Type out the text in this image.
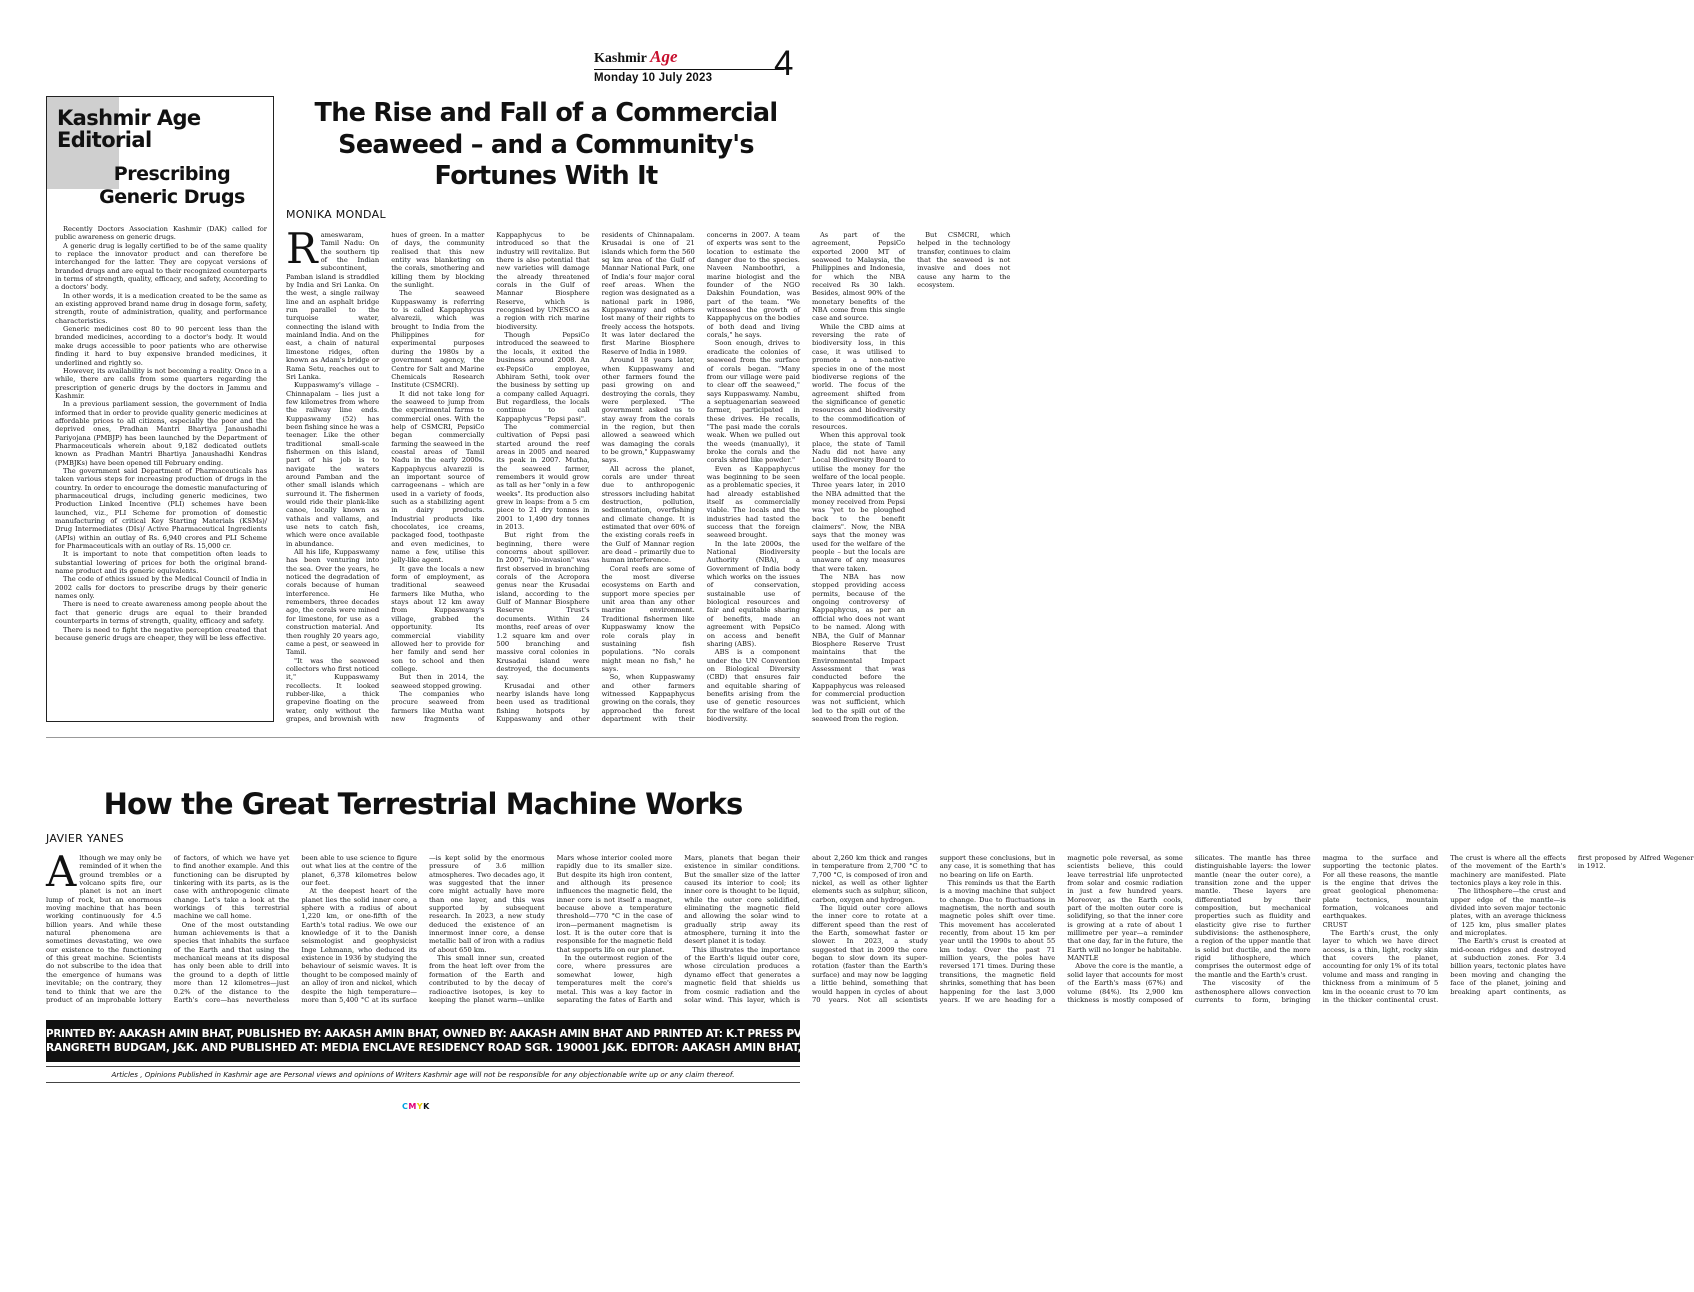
Kashmir Age
Monday 10 July 2023	4
Kashmir Age Editorial
Prescribing Generic Drugs

Recently Doctors Association Kashmir (DAK) called for public awareness on generic drugs.

A generic drug is legally certified to be of the same quality to replace the innovator product and can therefore be interchanged for the latter. They are copycat versions of branded drugs and are equal to their recognized counterparts in terms of strength, quality, efficacy, and safety, According to a doctors' body.

In other words, it is a medication created to be the same as an existing approved brand name drug in dosage form, safety, strength, route of administration, quality, and performance characteristics.

Generic medicines cost 80 to 90 percent less than the branded medicines, according to a doctor's body. It would make drugs accessible to poor patients who are otherwise finding it hard to buy expensive branded medicines, it underlined and rightly so.

However, its availability is not becoming a reality. Once in a while, there are calls from some quarters regarding the prescription of generic drugs by the doctors in Jammu and Kashmir.

In a previous parliament session, the government of India informed that in order to provide quality generic medicines at affordable prices to all citizens, especially the poor and the deprived ones, Pradhan Mantri Bhartiya Janaushadhi Pariyojana (PMBJP) has been launched by the Department of Pharmaceuticals wherein about 9,182 dedicated outlets known as Pradhan Mantri Bhartiya Janaushadhi Kendras (PMBJKs) have been opened till February ending.

The government said Department of Pharmaceuticals has taken various steps for increasing production of drugs in the country. In order to encourage the domestic manufacturing of pharmaceutical drugs, including generic medicines, two Production Linked Incentive (PLI) schemes have been launched, viz., PLI Scheme for promotion of domestic manufacturing of critical Key Starting Materials (KSMs)/ Drug Intermediates (DIs)/ Active Pharmaceutical Ingredients (APIs) within an outlay of Rs. 6,940 crores and PLI Scheme for Pharmaceuticals with an outlay of Rs. 15,000 cr.

It is important to note that competition often leads to substantial lowering of prices for both the original brand-name product and its generic equivalents.

The code of ethics issued by the Medical Council of India in 2002 calls for doctors to prescribe drugs by their generic names only.

There is need to create awareness among people about the fact that generic drugs are equal to their branded counterparts in terms of strength, quality, efficacy and safety.

There is need to fight the negative perception created that because generic drugs are cheaper, they will be less effective.

The Rise and Fall of a Commercial Seaweed – and a Community's Fortunes With It
MONIKA MONDAL

Rameswaram, Tamil Nadu: On the southern tip of the Indian subcontinent, Pamban island is straddled by India and Sri Lanka. On the west, a single railway line and an asphalt bridge run parallel to the turquoise water, connecting the island with mainland India. And on the east, a chain of natural limestone ridges, often known as Adam's bridge or Rama Setu, reaches out to Sri Lanka.

Kuppaswamy's village – Chinnapalam – lies just a few kilometres from where the railway line ends. Kuppaswamy (52) has been fishing since he was a teenager. Like the other traditional small-scale fishermen on this island, part of his job is to navigate the waters around Pamban and the other small islands which surround it. The fishermen would ride their plank-like canoe, locally known as vathais and vallams, and use nets to catch fish, which were once available in abundance.

All his life, Kuppaswamy has been venturing into the sea. Over the years, he noticed the degradation of corals because of human interference. He remembers, three decades ago, the corals were mined for limestone, for use as a construction material. And then roughly 20 years ago, came a pest, or seaweed in Tamil.

"It was the seaweed collectors who first noticed it," Kuppaswamy recollects. It looked rubber-like, a thick grapevine floating on the water, only without the grapes, and brownish with hues of green. In a matter of days, the community realised that this new entity was blanketing on the corals, smothering and killing them by blocking the sunlight.

The seaweed Kuppaswamy is referring to is called Kappaphycus alvarezii, which was brought to India from the Philippines for experimental purposes during the 1980s by a government agency, the Centre for Salt and Marine Chemicals Research Institute (CSMCRI).

It did not take long for the seaweed to jump from the experimental farms to commercial ones. With the help of CSMCRI, PepsiCo began commercially farming the seaweed in the coastal areas of Tamil Nadu in the early 2000s. Kappaphycus alvarezii is an important source of carrageenans – which are used in a variety of foods, such as a stabilizing agent in dairy products. Industrial products like chocolates, ice creams, packaged food, toothpaste and even medicines, to name a few, utilise this jelly-like agent.

It gave the locals a new form of employment, as traditional seaweed farmers like Mutha, who stays about 12 km away from Kuppaswamy's village, grabbed the opportunity. Its commercial viability allowed her to provide for her family and send her son to school and then college.

But then in 2014, the seaweed stopped growing.

The companies who procure seaweed from farmers like Mutha want new fragments of Kappaphycus to be introduced so that the industry will revitalize. But there is also potential that new varieties will damage the already threatened corals in the Gulf of Mannar Biosphere Reserve, which is recognised by UNESCO as a region with rich marine biodiversity.

Though PepsiCo introduced the seaweed to the locals, it exited the business around 2008. An ex-PepsiCo employee, Abhiram Sethi, took over the business by setting up a company called Aquagri. But regardless, the locals continue to call Kappaphycus "Pepsi pasi".

The commercial cultivation of Pepsi pasi started around the reef areas in 2005 and neared its peak in 2007. Mutha, the seaweed farmer, remembers it would grow as tall as her "only in a few weeks". Its production also grew in leaps: from a 5 cm piece to 21 dry tonnes in 2001 to 1,490 dry tonnes in 2013.

But right from the beginning, there were concerns about spillover. In 2007, "bio-invasion" was first observed in branching corals of the Acropora genus near the Krusadai island, according to the Gulf of Mannar Biosphere Reserve Trust's documents. Within 24 months, reef areas of over 1.2 square km and over 500 branching and massive coral colonies in Krusadai island were destroyed, the documents say.

Krusadai and other nearby islands have long been used as traditional fishing hotspots by Kuppaswamy and other residents of Chinnapalam. Krusadai is one of 21 islands which form the 560 sq km area of the Gulf of Mannar National Park, one of India's four major coral reef areas. When the region was designated as a national park in 1986, Kuppaswamy and others lost many of their rights to freely access the hotspots. It was later declared the first Marine Biosphere Reserve of India in 1989.

Around 18 years later, when Kuppaswamy and other farmers found the pasi growing on and destroying the corals, they were perplexed. "The government asked us to stay away from the corals in the region, but then allowed a seaweed which was damaging the corals to be grown," Kuppaswamy says.

All across the planet, corals are under threat due to anthropogenic stressors including habitat destruction, pollution, sedimentation, overfishing and climate change. It is estimated that over 60% of the existing corals reefs in the Gulf of Mannar region are dead – primarily due to human interference.

Coral reefs are some of the most diverse ecosystems on Earth and support more species per unit area than any other marine environment. Traditional fishermen like Kuppaswamy know the role corals play in sustaining fish populations. "No corals might mean no fish," he says.

So, when Kuppaswamy and other farmers witnessed Kappaphycus growing on the corals, they approached the forest department with their concerns in 2007. A team of experts was sent to the location to estimate the danger due to the species. Naveen Namboothri, a marine biologist and the founder of the NGO Dakshin Foundation, was part of the team. "We witnessed the growth of Kappaphycus on the bodies of both dead and living corals," he says.

Soon enough, drives to eradicate the colonies of seaweed from the surface of corals began. "Many from our village were paid to clear off the seaweed," says Kuppaswamy. Nambu, a septuagenarian seaweed farmer, participated in these drives. He recalls, "The pasi made the corals weak. When we pulled out the weeds (manually), it broke the corals and the corals shred like powder."

Even as Kappaphycus was beginning to be seen as a problematic species, it had already established itself as commercially viable. The locals and the industries had tasted the success that the foreign seaweed brought.

In the late 2000s, the National Biodiversity Authority (NBA), a Government of India body which works on the issues of conservation, sustainable use of biological resources and fair and equitable sharing of benefits, made an agreement with PepsiCo on access and benefit sharing (ABS).

ABS is a component under the UN Convention on Biological Diversity (CBD) that ensures fair and equitable sharing of benefits arising from the use of genetic resources for the welfare of the local biodiversity.

As part of the agreement, PepsiCo exported 2000 MT of seaweed to Malaysia, the Philippines and Indonesia, for which the NBA received Rs 30 lakh. Besides, almost 90% of the monetary benefits of the NBA come from this single case and source.

While the CBD aims at reversing the rate of biodiversity loss, in this case, it was utilised to promote a non-native species in one of the most biodiverse regions of the world. The focus of the agreement shifted from the significance of genetic resources and biodiversity to the commodification of resources.

When this approval took place, the state of Tamil Nadu did not have any Local Biodiversity Board to utilise the money for the welfare of the local people. Three years later, in 2010 the NBA admitted that the money received from Pepsi was "yet to be ploughed back to the benefit claimers". Now, the NBA says that the money was used for the welfare of the people – but the locals are unaware of any measures that were taken.

The NBA has now stopped providing access permits, because of the ongoing controversy of Kappaphycus, as per an official who does not want to be named. Along with NBA, the Gulf of Mannar Biosphere Reserve Trust maintains that the Environmental Impact Assessment that was conducted before the Kappaphycus was released for commercial production was not sufficient, which led to the spill out of the seaweed from the region.

But CSMCRI, which helped in the technology transfer, continues to claim that the seaweed is not invasive and does not cause any harm to the ecosystem.

How the Great Terrestrial Machine Works
JAVIER YANES

Although we may only be reminded of it when the ground trembles or a volcano spits fire, our planet is not an inert lump of rock, but an enormous moving machine that has been working continuously for 4.5 billion years. And while these natural phenomena are sometimes devastating, we owe our existence to the functioning of this great machine. Scientists do not subscribe to the idea that the emergence of humans was inevitable; on the contrary, they tend to think that we are the product of an improbable lottery of factors, of which we have yet to find another example. And this functioning can be disrupted by tinkering with its parts, as is the case with anthropogenic climate change. Let's take a look at the workings of this terrestrial machine we call home.

One of the most outstanding human achievements is that a species that inhabits the surface of the Earth and that using the mechanical means at its disposal has only been able to drill into the ground to a depth of little more than 12 kilometres—just 0.2% of the distance to the Earth's core—has nevertheless been able to use science to figure out what lies at the centre of the planet, 6,378 kilometres below our feet.

At the deepest heart of the planet lies the solid inner core, a sphere with a radius of about 1,220 km, or one-fifth of the Earth's total radius. We owe our knowledge of it to the Danish seismologist and geophysicist Inge Lehmann, who deduced its existence in 1936 by studying the behaviour of seismic waves. It is thought to be composed mainly of an alloy of iron and nickel, which despite the high temperature—more than 5,400 °C at its surface—is kept solid by the enormous pressure of 3.6 million atmospheres. Two decades ago, it was suggested that the inner core might actually have more than one layer, and this was supported by subsequent research. In 2023, a new study deduced the existence of an innermost inner core, a dense metallic ball of iron with a radius of about 650 km.

This small inner sun, created from the heat left over from the formation of the Earth and contributed to by the decay of radioactive isotopes, is key to keeping the planet warm—unlike Mars whose interior cooled more rapidly due to its smaller size. But despite its high iron content, and although its presence influences the magnetic field, the inner core is not itself a magnet, because above a temperature threshold—770 °C in the case of iron—permanent magnetism is lost. It is the outer core that is responsible for the magnetic field that supports life on our planet.

In the outermost region of the core, where pressures are somewhat lower, high temperatures melt the core's metal. This was a key factor in separating the fates of Earth and Mars, planets that began their existence in similar conditions. But the smaller size of the latter caused its interior to cool; its inner core is thought to be liquid, while the outer core solidified, eliminating the magnetic field and allowing the solar wind to gradually strip away its atmosphere, turning it into the desert planet it is today.

This illustrates the importance of the Earth's liquid outer core, whose circulation produces a dynamo effect that generates a magnetic field that shields us from cosmic radiation and the solar wind. This layer, which is about 2,260 km thick and ranges in temperature from 2,700 °C to 7,700 °C, is composed of iron and nickel, as well as other lighter elements such as sulphur, silicon, carbon, oxygen and hydrogen.

The liquid outer core allows the inner core to rotate at a different speed than the rest of the Earth, somewhat faster or slower. In 2023, a study suggested that in 2009 the core began to slow down its super-rotation (faster than the Earth's surface) and may now be lagging a little behind, something that would happen in cycles of about 70 years. Not all scientists support these conclusions, but in any case, it is something that has no bearing on life on Earth.

This reminds us that the Earth is a moving machine that subject to change. Due to fluctuations in magnetism, the north and south magnetic poles shift over time. This movement has accelerated recently, from about 15 km per year until the 1990s to about 55 km today. Over the past 71 million years, the poles have reversed 171 times. During these transitions, the magnetic field shrinks, something that has been happening for the last 3,000 years. If we are heading for a magnetic pole reversal, as some scientists believe, this could leave terrestrial life unprotected from solar and cosmic radiation in just a few hundred years. Moreover, as the Earth cools, part of the molten outer core is solidifying, so that the inner core is growing at a rate of about 1 millimetre per year—a reminder that one day, far in the future, the Earth will no longer be habitable.

MANTLE

Above the core is the mantle, a solid layer that accounts for most of the Earth's mass (67%) and volume (84%). Its 2,900 km thickness is mostly composed of silicates. The mantle has three distinguishable layers: the lower mantle (near the outer core), a transition zone and the upper mantle. These layers are differentiated by their composition, but mechanical properties such as fluidity and elasticity give rise to further subdivisions: the asthenosphere, a region of the upper mantle that is solid but ductile, and the more rigid lithosphere, which comprises the outermost edge of the mantle and the Earth's crust.

The viscosity of the asthenosphere allows convection currents to form, bringing magma to the surface and supporting the tectonic plates. For all these reasons, the mantle is the engine that drives the great geological phenomena: plate tectonics, mountain formation, volcanoes and earthquakes.

CRUST

The Earth's crust, the only layer to which we have direct access, is a thin, light, rocky skin that covers the planet, accounting for only 1% of its total volume and mass and ranging in thickness from a minimum of 5 km in the oceanic crust to 70 km in the thicker continental crust. The crust is where all the effects of the movement of the Earth's machinery are manifested. Plate tectonics plays a key role in this.

The lithosphere—the crust and upper edge of the mantle—is divided into seven major tectonic plates, with an average thickness of 125 km, plus smaller plates and microplates.

The Earth's crust is created at mid-ocean ridges and destroyed at subduction zones. For 3.4 billion years, tectonic plates have been moving and changing the face of the planet, joining and breaking apart continents, as first proposed by Alfred Wegener in 1912.

PRINTED BY: AAKASH AMIN BHAT, PUBLISHED BY: AAKASH AMIN BHAT, OWNED BY: AAKASH AMIN BHAT AND PRINTED AT: K.T PRESS PVT. LTD.120- ELECTRONIC COMPLEX INDUSTRIAL ESTATE
RANGRETH BUDGAM, J&K. AND PUBLISHED AT: MEDIA ENCLAVE RESIDENCY ROAD SGR. 190001 J&K. EDITOR: AAKASH AMIN BHAT, JKENG/2006/23952
Articles , Opinions Published in Kashmir age are Personal views and opinions of Writers Kashmir age will not be responsible for any objectionable write up or any claim thereof.
CMYK
